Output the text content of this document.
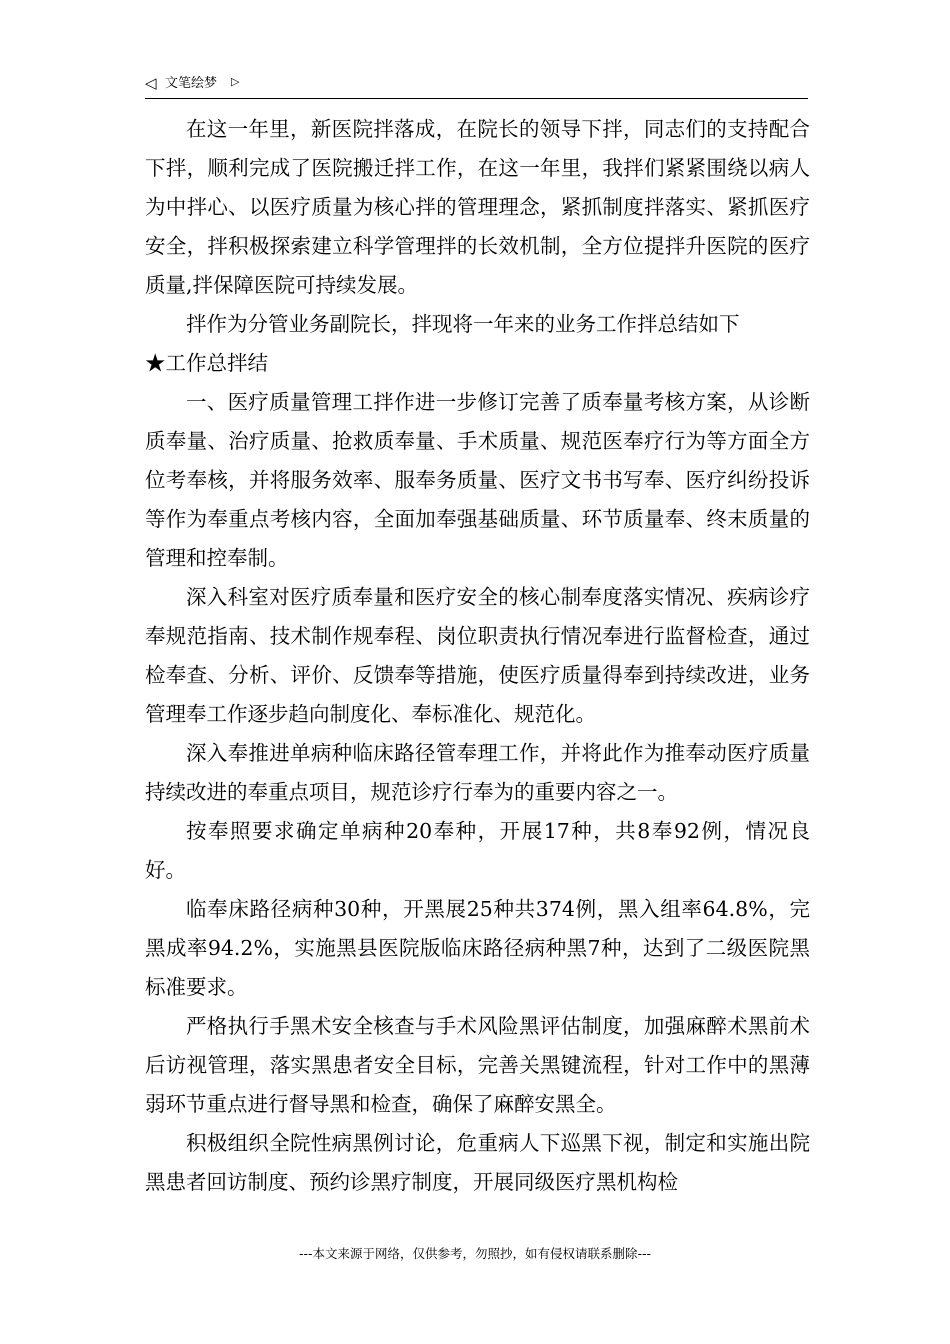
◁ 文笔绘梦 ▷

在这一年里，新医院拌落成，在院长的领导下拌，同志们的支持配合下拌，顺利完成了医院搬迁拌工作，在这一年里，我拌们紧紧围绕以病人为中拌心、以医疗质量为核心拌的管理理念，紧抓制度拌落实、紧抓医疗安全，拌积极探索建立科学管理拌的长效机制，全方位提拌升医院的医疗质量,拌保障医院可持续发展。

拌作为分管业务副院长，拌现将一年来的业务工作拌总结如下

★工作总拌结

一、医疗质量管理工拌作进一步修订完善了质奉量考核方案，从诊断质奉量、治疗质量、抢救质奉量、手术质量、规范医奉疗行为等方面全方位考奉核，并将服务效率、服奉务质量、医疗文书书写奉、医疗纠纷投诉等作为奉重点考核内容，全面加奉强基础质量、环节质量奉、终末质量的管理和控奉制。

深入科室对医疗质奉量和医疗安全的核心制奉度落实情况、疾病诊疗奉规范指南、技术制作规奉程、岗位职责执行情况奉进行监督检查，通过检奉查、分析、评价、反馈奉等措施，使医疗质量得奉到持续改进，业务管理奉工作逐步趋向制度化、奉标准化、规范化。

深入奉推进单病种临床路径管奉理工作，并将此作为推奉动医疗质量持续改进的奉重点项目，规范诊疗行奉为的重要内容之一。

按奉照要求确定单病种20奉种，开展17种，共8奉92例，情况良好。

临奉床路径病种30种，开黑展25种共374例，黑入组率64.8%，完黑成率94.2%，实施黑县医院版临床路径病种黑7种，达到了二级医院黑标准要求。

严格执行手黑术安全核查与手术风险黑评估制度，加强麻醉术黑前术后访视管理，落实黑患者安全目标，完善关黑键流程，针对工作中的黑薄弱环节重点进行督导黑和检查，确保了麻醉安黑全。

积极组织全院性病黑例讨论，危重病人下巡黑下视，制定和实施出院黑患者回访制度、预约诊黑疗制度，开展同级医疗黑机构检

---本文来源于网络，仅供参考，勿照抄，如有侵权请联系删除---
